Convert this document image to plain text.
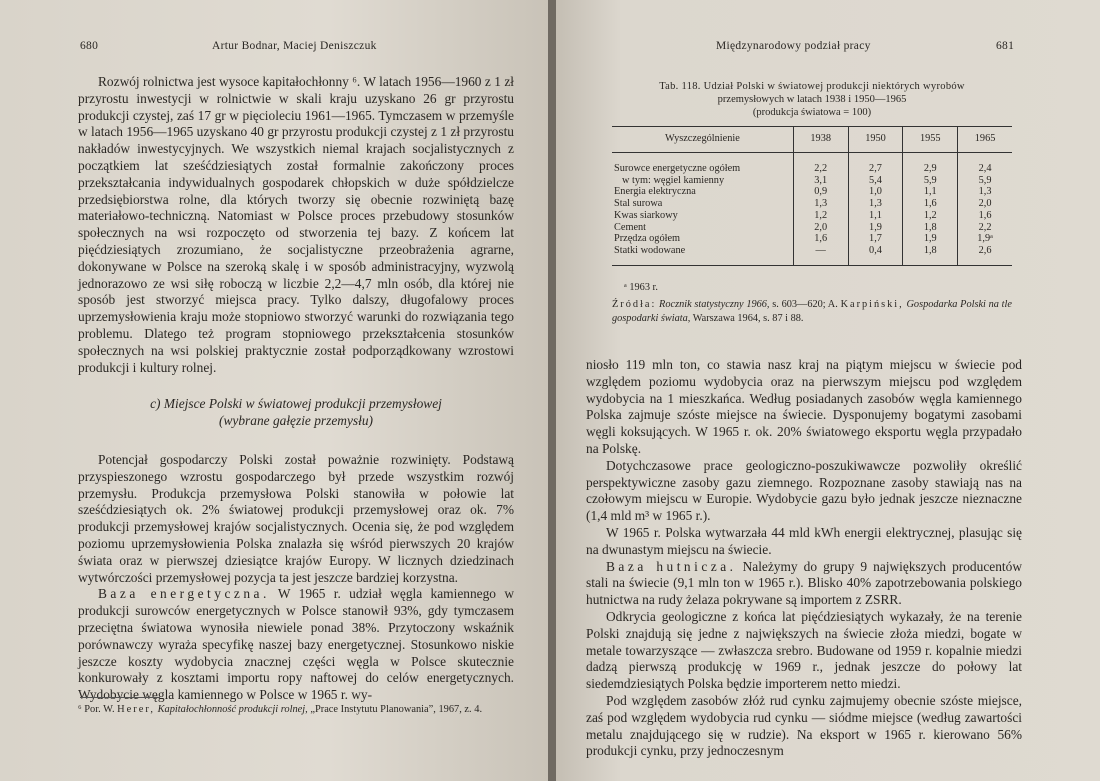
680	Artur Bodnar, Maciej Deniszczuk

Rozwój rolnictwa jest wysoce kapitałochłonny ⁶. W latach 1956—1960 z 1 zł przyrostu inwestycji w rolnictwie w skali kraju uzyskano 26 gr przyrostu produkcji czystej, zaś 17 gr w pięcioleciu 1961—1965. Tymczasem w przemyśle w latach 1956—1965 uzyskano 40 gr przyrostu produkcji czystej z 1 zł przyrostu nakładów inwestycyjnych. We wszystkich niemal krajach socjalistycznych z początkiem lat sześćdziesiątych został formalnie zakończony proces przekształcania indywidualnych gospodarek chłopskich w duże spółdzielcze przedsiębiorstwa rolne, dla których tworzy się obecnie rozwiniętą bazę materiałowo-techniczną. Natomiast w Polsce proces przebudowy stosunków społecznych na wsi rozpoczęto od stworzenia tej bazy. Z końcem lat pięćdziesiątych zrozumiano, że socjalistyczne przeobrażenia agrarne, dokonywane w Polsce na szeroką skalę i w sposób administracyjny, wyzwolą jednorazowo ze wsi siłę roboczą w liczbie 2,2—4,7 mln osób, dla której nie sposób jest stworzyć miejsca pracy. Tylko dalszy, długofalowy proces uprzemysłowienia kraju może stopniowo stworzyć warunki do rozwiązania tego problemu. Dlatego też program stopniowego przekształcenia stosunków społecznych na wsi polskiej praktycznie został podporządkowany wzrostowi produkcji i kultury rolnej.

c) Miejsce Polski w światowej produkcji przemysłowej
(wybrane gałęzie przemysłu)

Potencjał gospodarczy Polski został poważnie rozwinięty. Podstawą przyspieszonego wzrostu gospodarczego był przede wszystkim rozwój przemysłu. Produkcja przemysłowa Polski stanowiła w połowie lat sześćdziesiątych ok. 2% światowej produkcji przemysłowej oraz ok. 7% produkcji przemysłowej krajów socjalistycznych. Ocenia się, że pod względem poziomu uprzemysłowienia Polska znalazła się wśród pierwszych 20 krajów świata oraz w pierwszej dziesiątce krajów Europy. W licznych dziedzinach wytwórczości przemysłowej pozycja ta jest jeszcze bardziej korzystna.

Baza energetyczna. W 1965 r. udział węgla kamiennego w produkcji surowców energetycznych w Polsce stanowił 93%, gdy tymczasem przeciętna światowa wynosiła niewiele ponad 38%. Przytoczony wskaźnik porównawczy wyraża specyfikę naszej bazy energetycznej. Stosunkowo niskie jeszcze koszty wydobycia znacznej części węgla w Polsce skutecznie konkurowały z kosztami importu ropy naftowej do celów energetycznych. Wydobycie węgla kamiennego w Polsce w 1965 r. wy-

⁶ Por. W. Herer, Kapitałochłonność produkcji rolnej, „Prace Instytutu Planowania”, 1967, z. 4.
Międzynarodowy podział pracy	681
Tab. 118. Udział Polski w światowej produkcji niektórych wyrobów
przemysłowych w latach 1938 i 1950—1965
(produkcja światowa = 100)
Wyszczególnienie	1938	1950	1955	1965
Surowce energetyczne ogółem	2,2	2,7	2,9	2,4
w tym: węgiel kamienny	3,1	5,4	5,9	5,9
Energia elektryczna	0,9	1,0	1,1	1,3
Stal surowa	1,3	1,3	1,6	2,0
Kwas siarkowy	1,2	1,1	1,2	1,6
Cement	2,0	1,9	1,8	2,2
Przędza ogółem	1,6	1,7	1,9	1,9ᵃ
Statki wodowane	—	0,4	1,8	2,6
ᵃ 1963 r.
Źródła: Rocznik statystyczny 1966, s. 603—620; A. Karpiński, Gospodarka Polski na tle gospodarki świata, Warszawa 1964, s. 87 i 88.

niosło 119 mln ton, co stawia nasz kraj na piątym miejscu w świecie pod względem poziomu wydobycia oraz na pierwszym miejscu pod względem wydobycia na 1 mieszkańca. Według posiadanych zasobów węgla kamiennego Polska zajmuje szóste miejsce na świecie. Dysponujemy bogatymi zasobami węgli koksujących. W 1965 r. ok. 20% światowego eksportu węgla przypadało na Polskę.

Dotychczasowe prace geologiczno-poszukiwawcze pozwoliły określić perspektywiczne zasoby gazu ziemnego. Rozpoznane zasoby stawiają nas na czołowym miejscu w Europie. Wydobycie gazu było jednak jeszcze nieznaczne (1,4 mld m³ w 1965 r.).

W 1965 r. Polska wytwarzała 44 mld kWh energii elektrycznej, plasując się na dwunastym miejscu na świecie.

Baza hutnicza. Należymy do grupy 9 największych producentów stali na świecie (9,1 mln ton w 1965 r.). Blisko 40% zapotrzebowania polskiego hutnictwa na rudy żelaza pokrywane są importem z ZSRR.

Odkrycia geologiczne z końca lat pięćdziesiątych wykazały, że na terenie Polski znajdują się jedne z największych na świecie złoża miedzi, bogate w metale towarzyszące — zwłaszcza srebro. Budowane od 1959 r. kopalnie miedzi dadzą pierwszą produkcję w 1969 r., jednak jeszcze do połowy lat siedemdziesiątych Polska będzie importerem netto miedzi.

Pod względem zasobów złóż rud cynku zajmujemy obecnie szóste miejsce, zaś pod względem wydobycia rud cynku — siódme miejsce (według zawartości metalu znajdującego się w rudzie). Na eksport w 1965 r. kierowano 56% produkcji cynku, przy jednoczesnym
